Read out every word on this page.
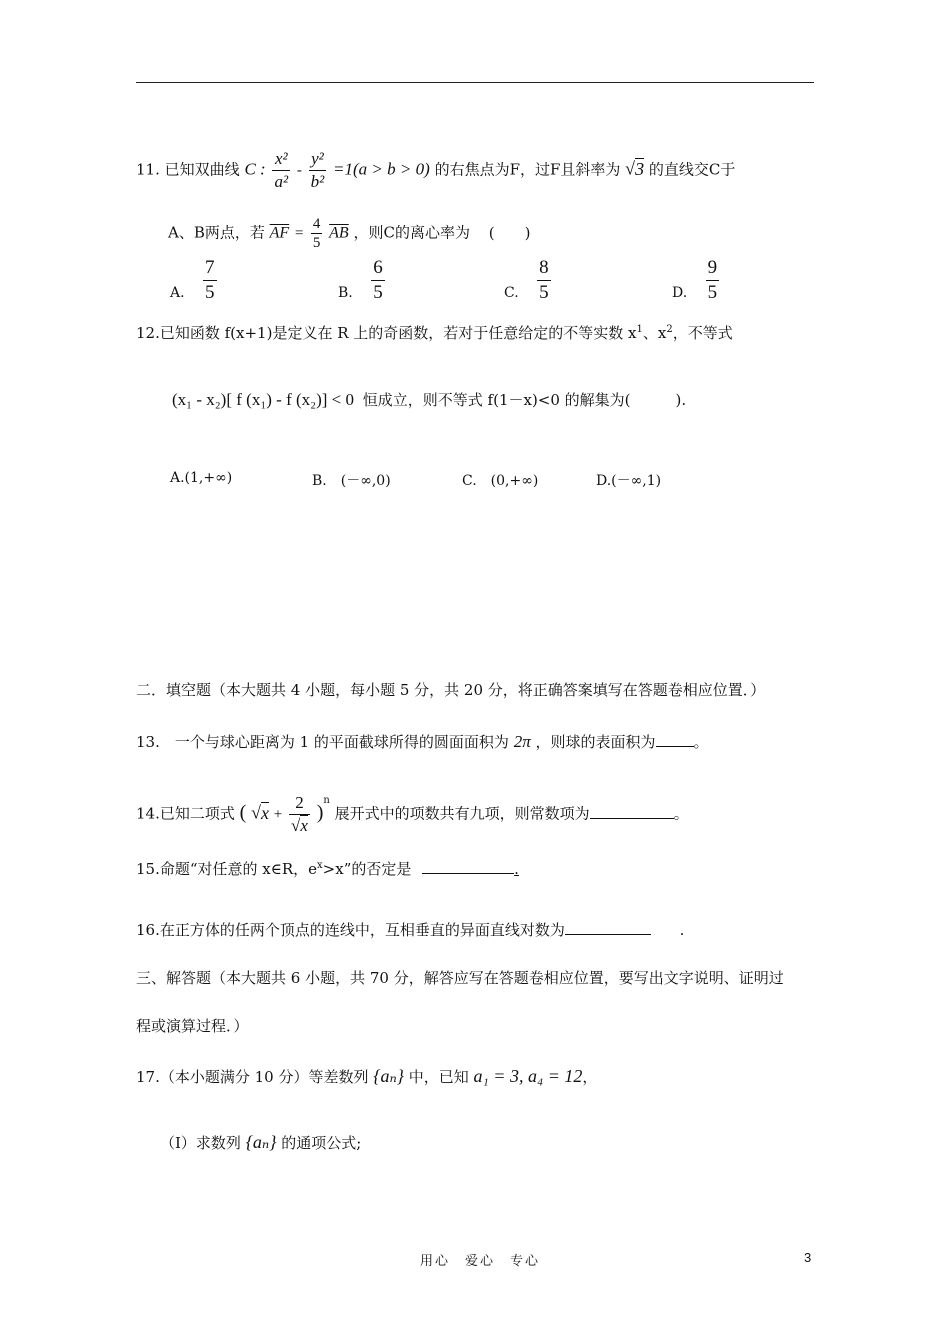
11. 已知双曲线 C : $\frac{\text{x²}}{\text{a²}} - \frac{\text{y²}}{\text{b²}} =1(a > b > 0)$ 的右焦点为F，过F且斜率为 √3 的直线交C于
A、B两点，若 $\overline{AF} = \frac{4}{5} \overline{AB}$ ，则C的离心率为 (　　)
A. $\frac{7}{5}$	B. $\frac{6}{5}$	C. $\frac{8}{5}$	D. $\frac{9}{5}$
12.已知函数 f(x+1)是定义在 R 上的奇函数，若对于任意给定的不等实数 $x^1$、$x^2$，不等式
(x₁ - x₂)[ f (x₁) - f (x₂)] < 0 恒成立，则不等式 f(1－x)<0 的解集为(　　　).
A.(1,+∞)	B.　(－∞,0)	C.　(0,+∞)	D.(－∞,1)
二．填空题（本大题共 4 小题，每小题 5 分，共 20 分，将正确答案填写在答题卷相应位置．）
13.　一个与球心距离为 1 的平面截球所得的圆面面积为 2π ，则球的表面积为	。
14.已知二项式 ( $√x + \frac{2}{√x} )^n$ 展开式中的项数共有九项，则常数项为	。
15.命题“对任意的 x∈R，$e^x>x$”的否定是	.
16.在正方体的任两个顶点的连线中，互相垂直的异面直线对数为	.
三、解答题（本大题共 6 小题，共 70 分，解答应写在答题卷相应位置，要写出文字说明、证明过
程或演算过程．）
17.（本小题满分 10 分）等差数列 {aₙ} 中，已知 a₁ = 3, a₄ = 12，
（I）求数列 {aₙ} 的通项公式;
用心　爱心　专心	3
